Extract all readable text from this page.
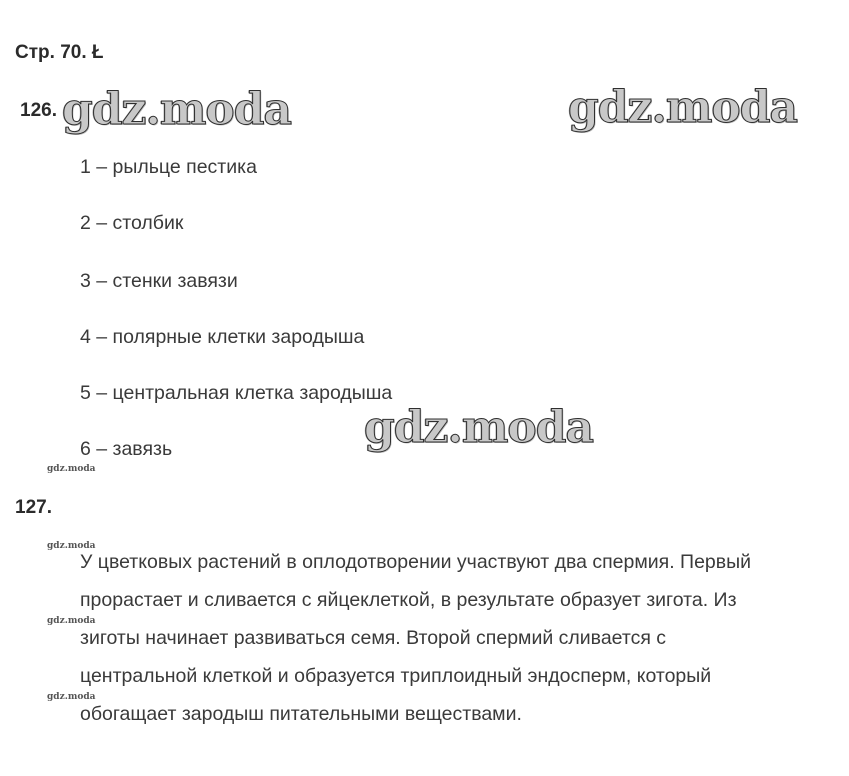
Стр. 70. Ł
126. gdz.moda	gdz.moda
1 – рыльце пестика
2 – столбик
3 – стенки завязи
4 – полярные клетки зародыша
5 – центральная клетка зародыша
6 – завязь	gdz.moda
gdz.moda
127.
gdz.moda
gdz.moda
gdz.moda
У цветковых растений в оплодотворении участвуют два спермия. Первый
прорастает и сливается с яйцеклеткой, в результате образует зигота. Из
зиготы начинает развиваться семя. Второй спермий сливается с
центральной клеткой и образуется триплоидный эндосперм, который
обогащает зародыш питательными веществами.
